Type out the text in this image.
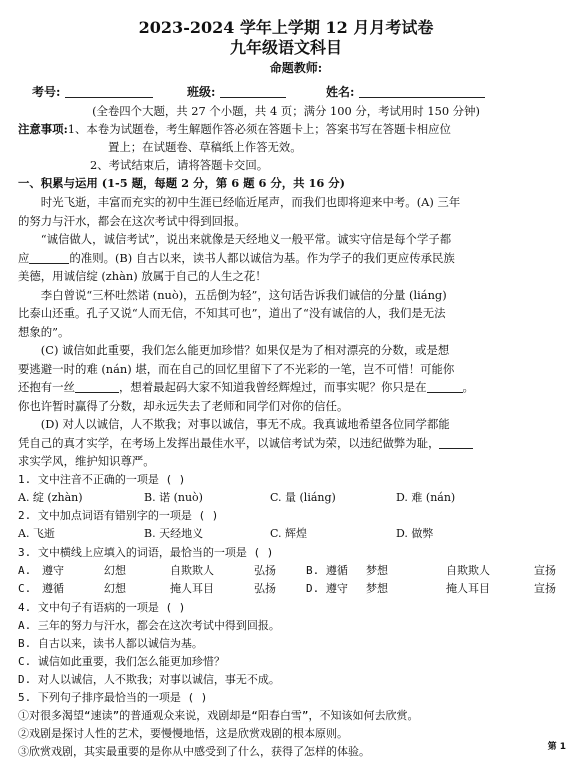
2023-2024 学年上学期 12 月月考试卷
九年级语文科目
命题教师:
考号:	班级:	姓名:
(全卷四个大题，共 27 个小题，共 4 页；满分 100 分，考试用时 150 分钟)
注意事项:1、本卷为试题卷，考生解题作答必须在答题卡上；答案书写在答题卡相应位
置上；在试题卷、草稿纸上作答无效。
2、考试结束后，请将答题卡交回。
一、积累与运用 (1-5 题，每题 2 分，第 6 题 6 分，共 16 分)

时光飞逝，丰富而充实的初中生涯已经临近尾声，而我们也即将迎来中考。(A) 三年

的努力与汗水，都会在这次考试中得到回报。

“诚信做人，诚信考试”，说出来就像是天经地义一般平常。诚实守信是每个学子都

应	的准则。(B) 自古以来，读书人都以诚信为基。作为学子的我们更应传承民族

美德，用诚信绽 (zhàn) 放属于自己的人生之花！

李白曾说“三杯吐然诺 (nuò)，五岳倒为轻”，这句话告诉我们诚信的分量 (liáng)

比泰山还重。孔子又说“人而无信，不知其可也”，道出了“没有诚信的人，我们是无法

想象的”。

(C) 诚信如此重要，我们怎么能更加珍惜？如果仅是为了相对漂亮的分数，或是想

要逃避一时的难 (nán) 堪，而在自己的回忆里留下了不光彩的一笔，岂不可惜！可能你

还抱有一丝	，想着最起码大家不知道我曾经辉煌过，而事实呢？你只是在	。

你也许暂时赢得了分数，却永远失去了老师和同学们对你的信任。

(D) 对人以诚信，人不欺我；对事以诚信，事无不成。我真诚地希望各位同学都能

凭自己的真才实学，在考场上发挥出最佳水平，以诚信考试为荣，以违纪做弊为耻，

求实学风，维护知识尊严。

1. 文中注音不正确的一项是 ( )
A. 绽 (zhàn)	B. 诺 (nuò)	C. 量 (liáng)	D. 难 (nán)
2. 文中加点词语有错别字的一项是 ( )
A. 飞逝	B. 天经地义	C. 辉煌	D. 做弊
3. 文中横线上应填入的词语，最恰当的一项是 ( )
A. 遵守	幻想	自欺欺人	弘扬	B. 遵循	梦想	自欺欺人	宣扬
C. 遵循	幻想	掩人耳目	弘扬	D. 遵守	梦想	掩人耳目	宣扬
4. 文中句子有语病的一项是 ( )
A. 三年的努力与汗水，都会在这次考试中得到回报。
B. 自古以来，读书人都以诚信为基。
C. 诚信如此重要，我们怎么能更加珍惜？
D. 对人以诚信，人不欺我；对事以诚信，事无不成。
5. 下列句子排序最恰当的一项是 ( )
①对很多渴望“速读”的普通观众来说，戏剧却是“阳春白雪”，不知该如何去欣赏。
②戏剧是探讨人性的艺术，要慢慢地悟，这是欣赏戏剧的根本原则。
③欣赏戏剧，其实最重要的是你从中感受到了什么，获得了怎样的体验。	第 1
